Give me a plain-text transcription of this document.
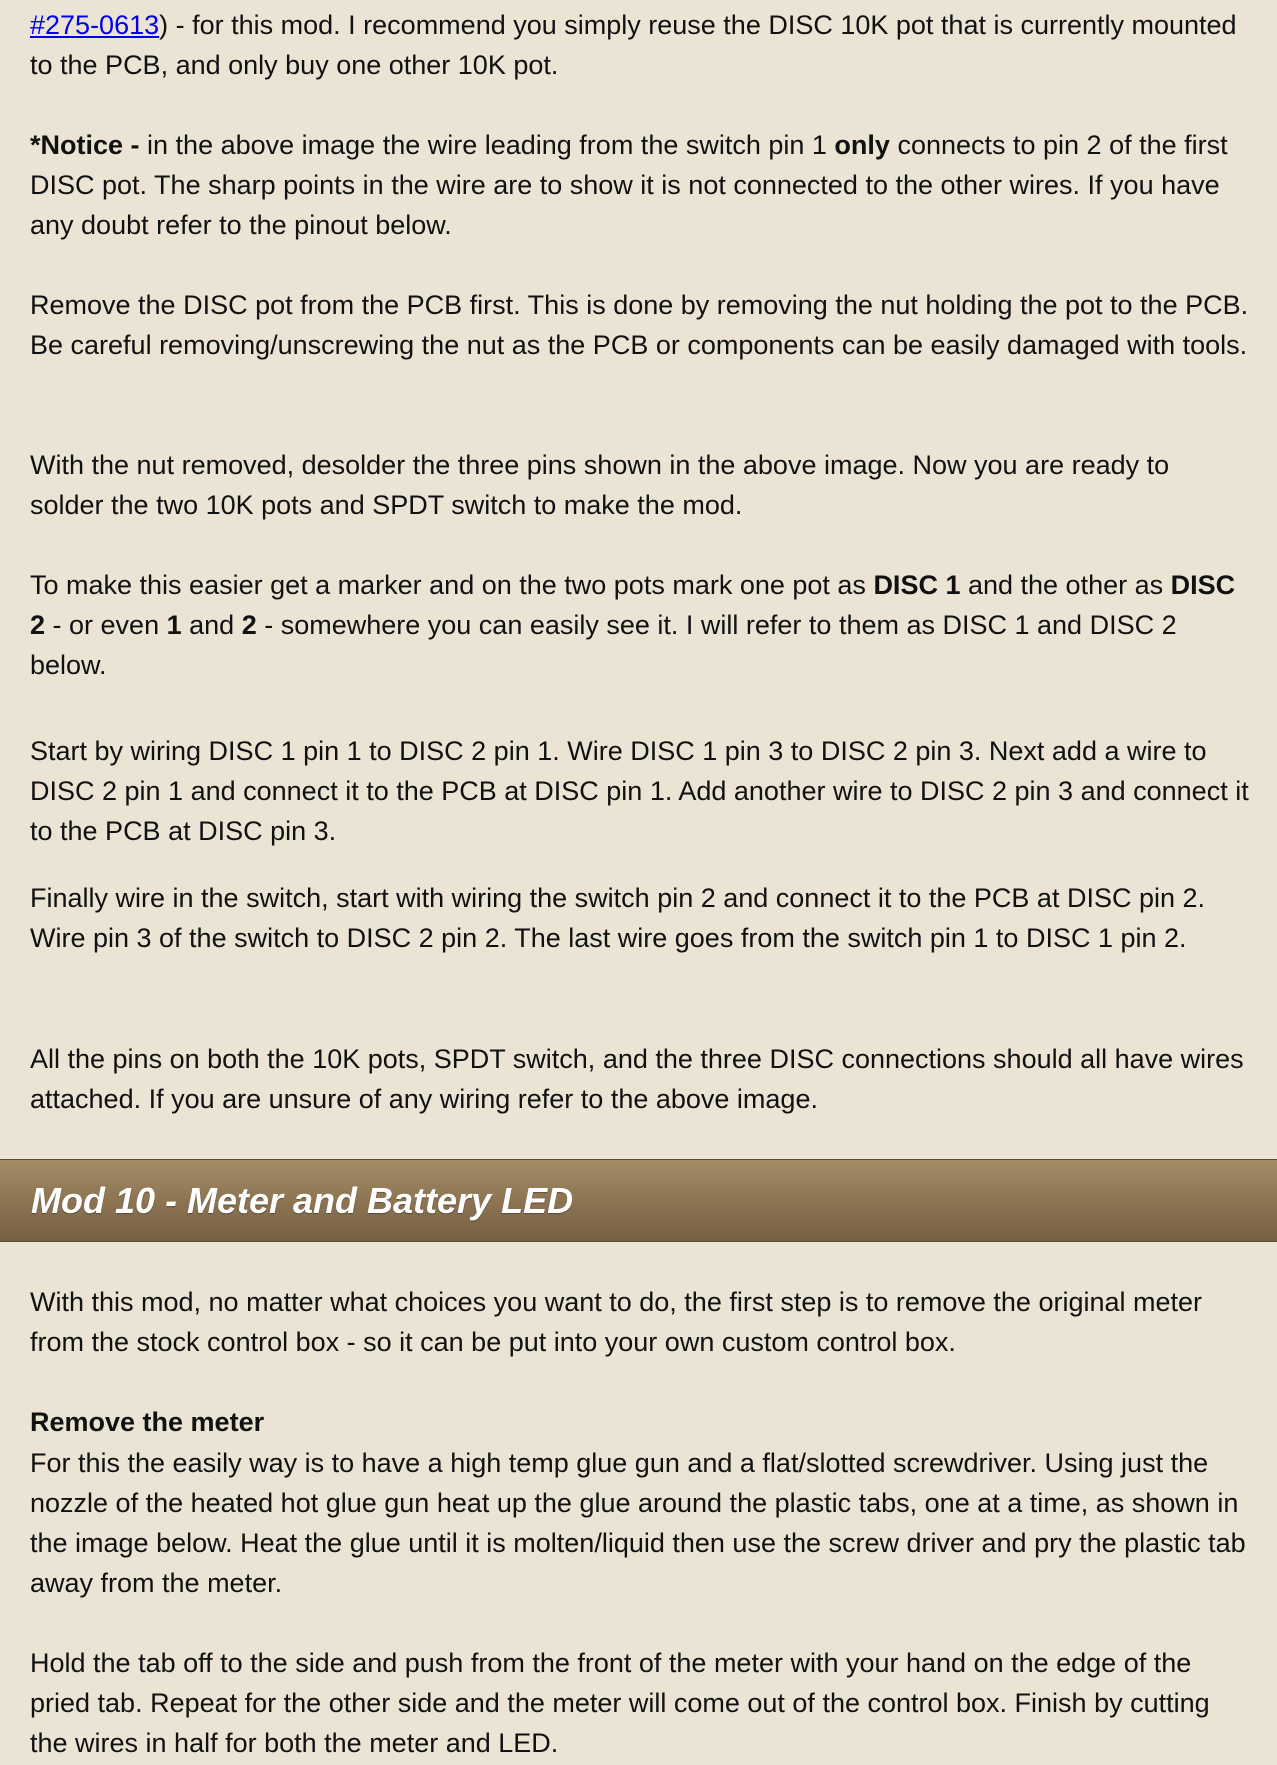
#275-0613) - for this mod. I recommend you simply reuse the DISC 10K pot that is currently mounted to the PCB, and only buy one other 10K pot.
*Notice - in the above image the wire leading from the switch pin 1 only connects to pin 2 of the first DISC pot. The sharp points in the wire are to show it is not connected to the other wires. If you have any doubt refer to the pinout below.
Remove the DISC pot from the PCB first. This is done by removing the nut holding the pot to the PCB. Be careful removing/unscrewing the nut as the PCB or components can be easily damaged with tools.
With the nut removed, desolder the three pins shown in the above image. Now you are ready to solder the two 10K pots and SPDT switch to make the mod.
To make this easier get a marker and on the two pots mark one pot as DISC 1 and the other as DISC 2 - or even 1 and 2 - somewhere you can easily see it. I will refer to them as DISC 1 and DISC 2 below.
Start by wiring DISC 1 pin 1 to DISC 2 pin 1. Wire DISC 1 pin 3 to DISC 2 pin 3. Next add a wire to DISC 2 pin 1 and connect it to the PCB at DISC pin 1. Add another wire to DISC 2 pin 3 and connect it to the PCB at DISC pin 3.
Finally wire in the switch, start with wiring the switch pin 2 and connect it to the PCB at DISC pin 2. Wire pin 3 of the switch to DISC 2 pin 2. The last wire goes from the switch pin 1 to DISC 1 pin 2.
All the pins on both the 10K pots, SPDT switch, and the three DISC connections should all have wires attached. If you are unsure of any wiring refer to the above image.
Mod 10 - Meter and Battery LED
With this mod, no matter what choices you want to do, the first step is to remove the original meter from the stock control box - so it can be put into your own custom control box.
Remove the meter
For this the easily way is to have a high temp glue gun and a flat/slotted screwdriver. Using just the nozzle of the heated hot glue gun heat up the glue around the plastic tabs, one at a time, as shown in the image below. Heat the glue until it is molten/liquid then use the screw driver and pry the plastic tab away from the meter.
Hold the tab off to the side and push from the front of the meter with your hand on the edge of the pried tab. Repeat for the other side and the meter will come out of the control box. Finish by cutting the wires in half for both the meter and LED.
